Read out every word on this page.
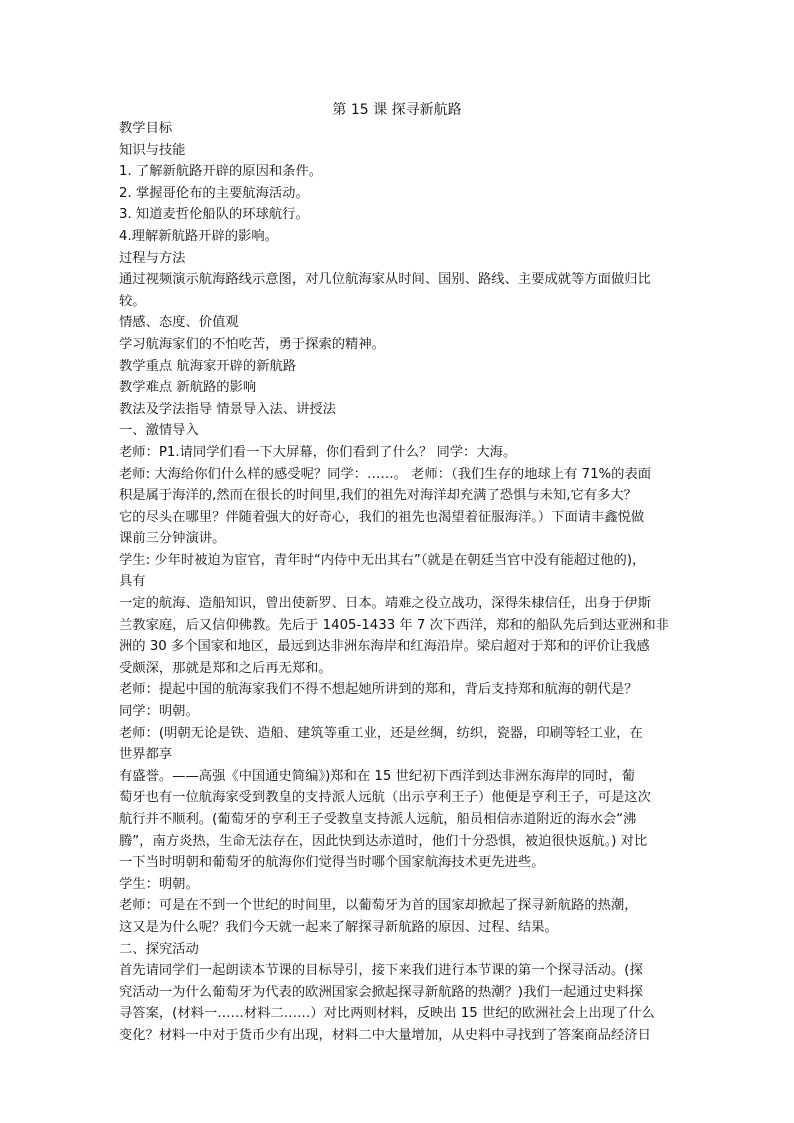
第 15 课 探寻新航路

教学目标

知识与技能

1. 了解新航路开辟的原因和条件。

2. 掌握哥伦布的主要航海活动。

3. 知道麦哲伦船队的环球航行。

4.理解新航路开辟的影响。

过程与方法

通过视频演示航海路线示意图，对几位航海家从时间、国别、路线、主要成就等方面做归比

较。

情感、态度、价值观

学习航海家们的不怕吃苦，勇于探索的精神。

教学重点 航海家开辟的新航路

教学难点 新航路的影响

教法及学法指导 情景导入法、讲授法

一、激情导入

老师：P1.请同学们看一下大屏幕，你们看到了什么？ 同学：大海。

老师: 大海给你们什么样的感受呢？同学：……。 老师：（我们生存的地球上有 71%的表面

积是属于海洋的,然而在很长的时间里,我们的祖先对海洋却充满了恐惧与未知,它有多大？

它的尽头在哪里？伴随着强大的好奇心，我们的祖先也渴望着征服海洋。）下面请丰鑫悦做

课前三分钟演讲。

学生: 少年时被迫为宦官，青年时“内侍中无出其右”（就是在朝廷当官中没有能超过他的)，

具有

一定的航海、造船知识，曾出使新罗、日本。靖难之役立战功，深得朱棣信任，出身于伊斯

兰教家庭，后又信仰佛教。先后于 1405-1433 年 7 次下西洋，郑和的船队先后到达亚洲和非

洲的 30 多个国家和地区，最远到达非洲东海岸和红海沿岸。梁启超对于郑和的评价让我感

受颇深，那就是郑和之后再无郑和。

老师：提起中国的航海家我们不得不想起她所讲到的郑和，背后支持郑和航海的朝代是？

同学：明朝。

老师：(明朝无论是铁、造船、建筑等重工业，还是丝绸，纺织，瓷器，印刷等轻工业，在

世界都享

有盛誉。——高强《中国通史简编》)郑和在 15 世纪初下西洋到达非洲东海岸的同时，葡

萄牙也有一位航海家受到教皇的支持派人远航（出示亨利王子）他便是亨利王子，可是这次

航行并不顺利。(葡萄牙的亨利王子受教皇支持派人远航，船员相信赤道附近的海水会“沸

腾”，南方炎热，生命无法存在，因此快到达赤道时，他们十分恐惧，被迫很快返航。) 对比

一下当时明朝和葡萄牙的航海你们觉得当时哪个国家航海技术更先进些。

学生：明朝。

老师：可是在不到一个世纪的时间里，以葡萄牙为首的国家却掀起了探寻新航路的热潮，

这又是为什么呢？我们今天就一起来了解探寻新航路的原因、过程、结果。

二、探究活动

首先请同学们一起朗读本节课的目标导引，接下来我们进行本节课的第一个探寻活动。(探

究活动一为什么葡萄牙为代表的欧洲国家会掀起探寻新航路的热潮？)我们一起通过史料探

寻答案，(材料一……材料二……）对比两则材料，反映出 15 世纪的欧洲社会上出现了什么

变化？材料一中对于货币少有出现，材料二中大量增加，从史料中寻找到了答案商品经济日
